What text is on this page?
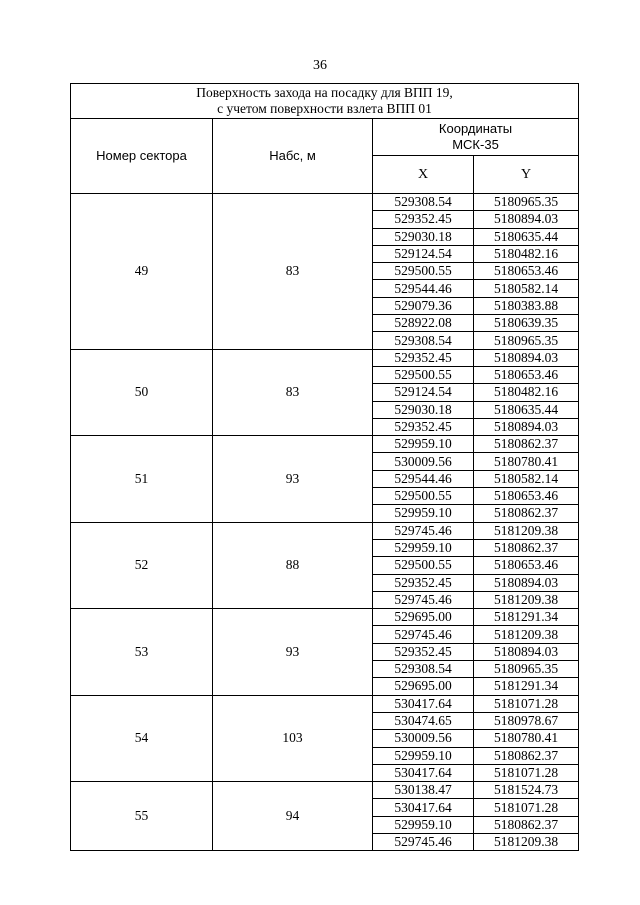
36
Поверхность захода на посадку для ВПП 19,
с учетом поверхности взлета ВПП 01			
Номер сектора	Набс, м	Координаты
МСК-35	
		X	Y
49	83	529308.54	5180965.35
		529352.45	5180894.03
		529030.18	5180635.44
		529124.54	5180482.16
		529500.55	5180653.46
		529544.46	5180582.14
		529079.36	5180383.88
		528922.08	5180639.35
		529308.54	5180965.35
50	83	529352.45	5180894.03
		529500.55	5180653.46
		529124.54	5180482.16
		529030.18	5180635.44
		529352.45	5180894.03
51	93	529959.10	5180862.37
		530009.56	5180780.41
		529544.46	5180582.14
		529500.55	5180653.46
		529959.10	5180862.37
52	88	529745.46	5181209.38
		529959.10	5180862.37
		529500.55	5180653.46
		529352.45	5180894.03
		529745.46	5181209.38
53	93	529695.00	5181291.34
		529745.46	5181209.38
		529352.45	5180894.03
		529308.54	5180965.35
		529695.00	5181291.34
54	103	530417.64	5181071.28
		530474.65	5180978.67
		530009.56	5180780.41
		529959.10	5180862.37
		530417.64	5181071.28
55	94	530138.47	5181524.73
		530417.64	5181071.28
		529959.10	5180862.37
		529745.46	5181209.38
